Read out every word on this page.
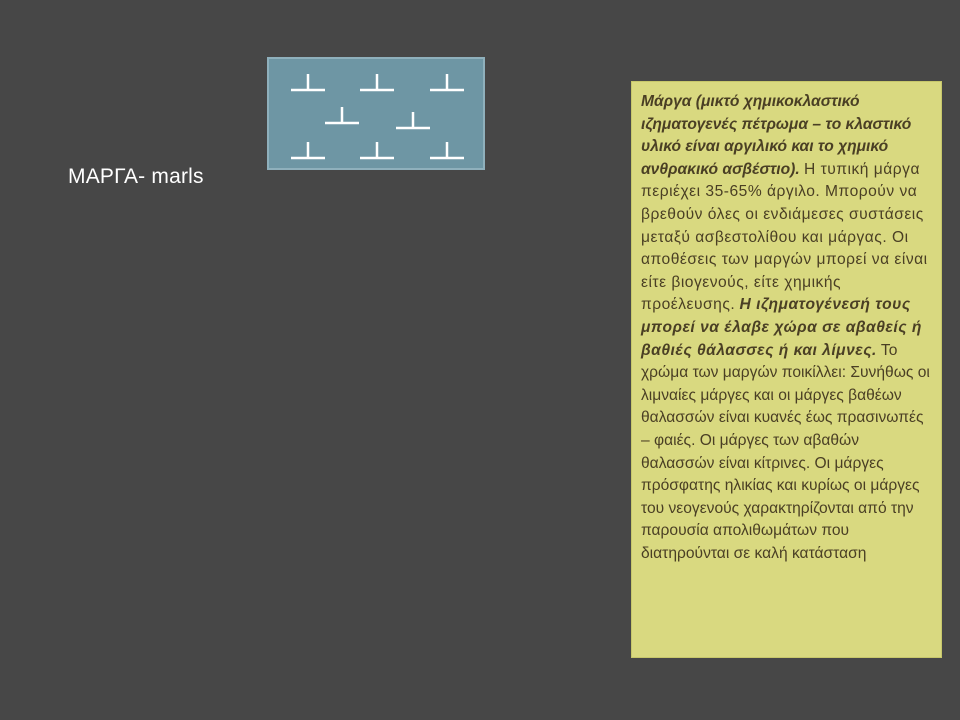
ΜΑΡΓΑ- marls

Μάργα (μικτό χημικοκλαστικό ιζηματογενές πέτρωμα – το κλαστικό υλικό είναι αργιλικό και το χημικό ανθρακικό ασβέστιο). Η τυπική μάργα περιέχει 35-65% άργιλο. Μπορούν να βρεθούν όλες οι ενδιάμεσες συστάσεις μεταξύ ασβεστολίθου και μάργας. Οι αποθέσεις των μαργών μπορεί να είναι είτε βιογενούς, είτε χημικής προέλευσης. Η ιζηματογένεσή τους μπορεί να έλαβε χώρα σε αβαθείς ή βαθιές θάλασσες ή και λίμνες. Το χρώμα των μαργών ποικίλλει: Συνήθως οι λιμναίες μάργες και οι μάργες βαθέων θαλασσών είναι κυανές έως πρασινωπές – φαιές. Οι μάργες των αβαθών θαλασσών είναι κίτρινες. Οι μάργες πρόσφατης ηλικίας και κυρίως οι μάργες του νεογενούς χαρακτηρίζονται από την παρουσία απολιθωμάτων που διατηρούνται σε καλή κατάσταση
